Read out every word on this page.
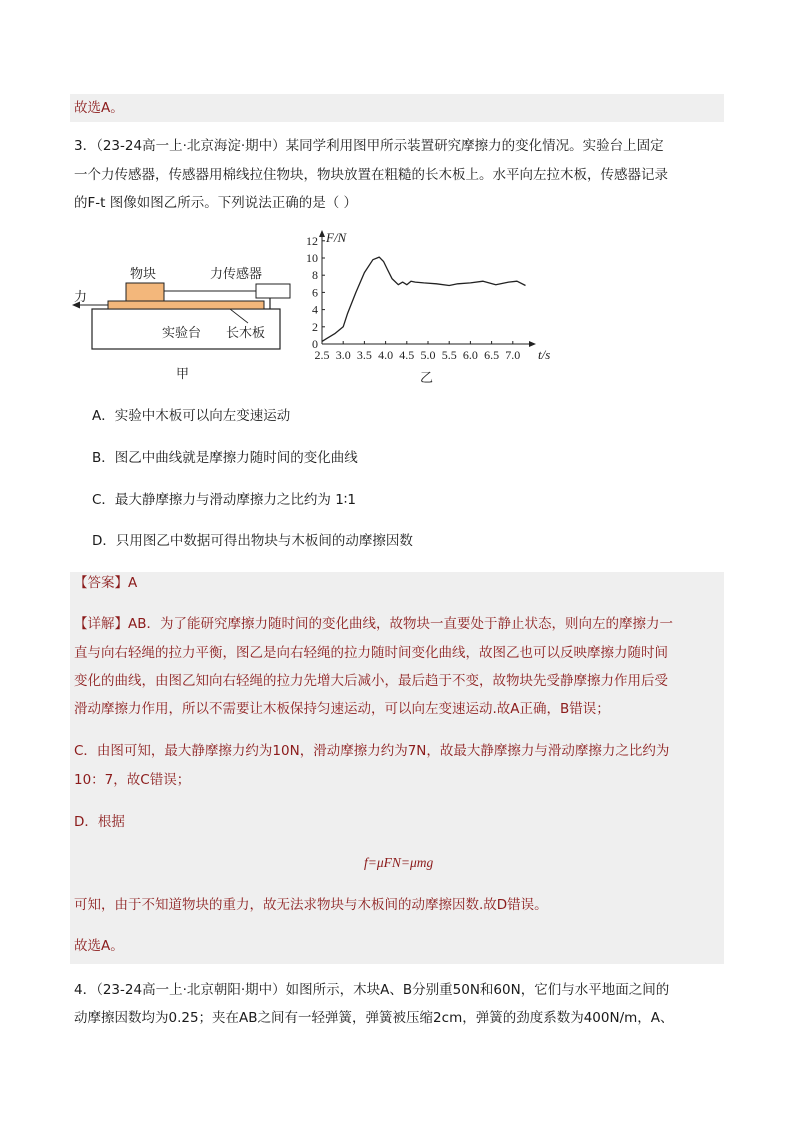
故选A。
3．（23-24高一上·北京海淀·期中）某同学利用图甲所示装置研究摩擦力的变化情况。实验台上固定
一个力传感器，传感器用棉线拉住物块，物块放置在粗糙的长木板上。水平向左拉木板，传感器记录
的F-t 图像如图乙所示。下列说法正确的是（ ）
物块	力传感器
力
实验台 长木板
甲
0
2
4
6
8
10
12
2.5 3.0 3.5 4.0 4.5 5.0 5.5 6.0 6.5 7.0
F/N
t/s
乙
A．实验中木板可以向左变速运动
B．图乙中曲线就是摩擦力随时间的变化曲线
C．最大静摩擦力与滑动摩擦力之比约为 1∶1
D．只用图乙中数据可得出物块与木板间的动摩擦因数
【答案】A
【详解】AB．为了能研究摩擦力随时间的变化曲线，故物块一直要处于静止状态，则向左的摩擦力一
直与向右轻绳的拉力平衡，图乙是向右轻绳的拉力随时间变化曲线，故图乙也可以反映摩擦力随时间
变化的曲线，由图乙知向右轻绳的拉力先增大后减小，最后趋于不变，故物块先受静摩擦力作用后受
滑动摩擦力作用，所以不需要让木板保持匀速运动，可以向左变速运动.故A正确，B错误；
C．由图可知，最大静摩擦力约为10N，滑动摩擦力约为7N，故最大静摩擦力与滑动摩擦力之比约为
10：7，故C错误；
D．根据
f=μFN=μmg
可知，由于不知道物块的重力，故无法求物块与木板间的动摩擦因数.故D错误。
故选A。
4．（23-24高一上·北京朝阳·期中）如图所示，木块A、B分别重50N和60N，它们与水平地面之间的
动摩擦因数均为0.25；夹在AB之间有一轻弹簧，弹簧被压缩2cm，弹簧的劲度系数为400N/m，A、
